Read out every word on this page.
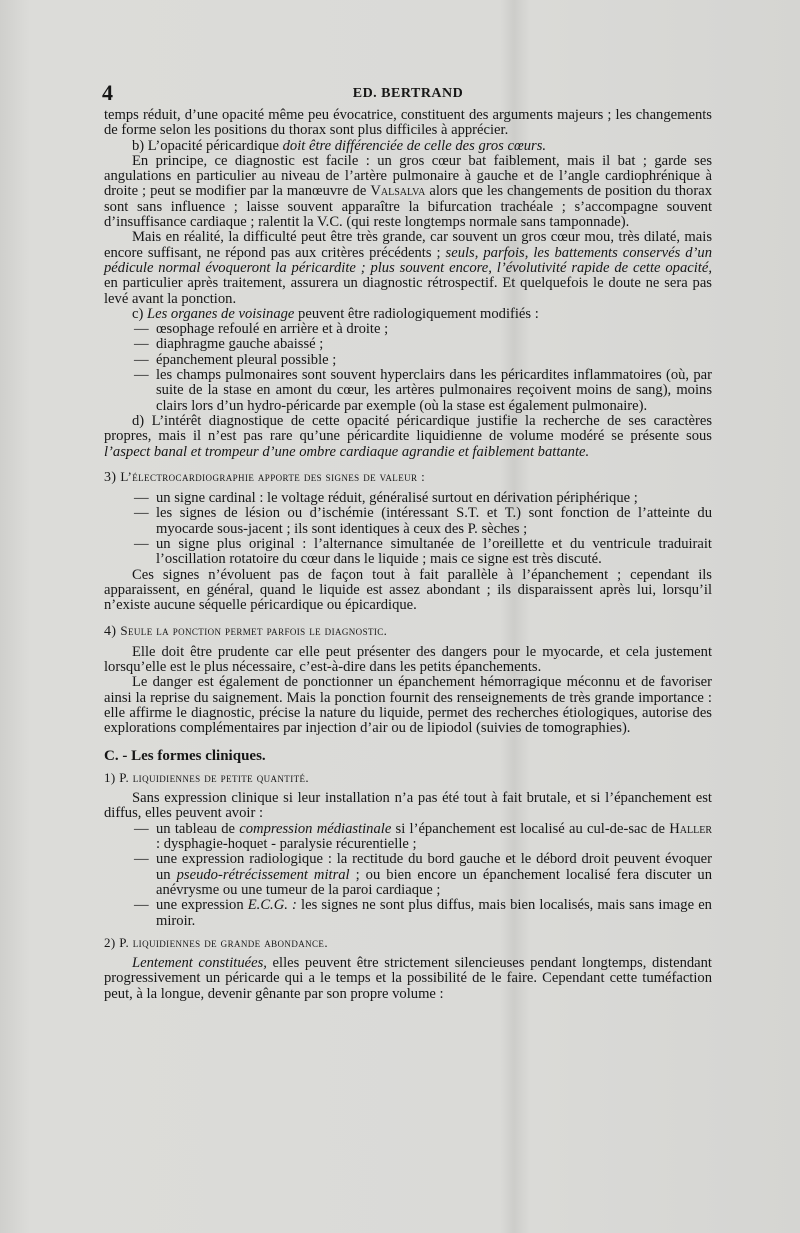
4	ED. BERTRAND

temps réduit, d’une opacité même peu évocatrice, constituent des arguments majeurs ; les changements de forme selon les positions du thorax sont plus difficiles à apprécier.

b) L’opacité péricardique doit être différenciée de celle des gros cœurs.

En principe, ce diagnostic est facile : un gros cœur bat faiblement, mais il bat ; garde ses angulations en particulier au niveau de l’artère pulmonaire à gauche et de l’angle cardiophrénique à droite ; peut se modifier par la manœuvre de Valsalva alors que les changements de position du thorax sont sans influence ; laisse souvent apparaître la bifurcation trachéale ; s’accompagne souvent d’insuffisance cardiaque ; ralentit la V.C. (qui reste longtemps normale sans tamponnade).

Mais en réalité, la difficulté peut être très grande, car souvent un gros cœur mou, très dilaté, mais encore suffisant, ne répond pas aux critères précédents ; seuls, parfois, les battements conservés d’un pédicule normal évoqueront la péricardite ; plus souvent encore, l’évolutivité rapide de cette opacité, en particulier après traitement, assurera un diagnostic rétrospectif. Et quelquefois le doute ne sera pas levé avant la ponction.

c) Les organes de voisinage peuvent être radiologiquement modifiés :

— œsophage refoulé en arrière et à droite ;

— diaphragme gauche abaissé ;

— épanchement pleural possible ;

— les champs pulmonaires sont souvent hyperclairs dans les péricardites inflammatoires (où, par suite de la stase en amont du cœur, les artères pulmonaires reçoivent moins de sang), moins clairs lors d’un hydro-péricarde par exemple (où la stase est également pulmonaire).

d) L’intérêt diagnostique de cette opacité péricardique justifie la recherche de ses caractères propres, mais il n’est pas rare qu’une péricardite liquidienne de volume modéré se présente sous l’aspect banal et trompeur d’une ombre cardiaque agrandie et faiblement battante.

3) L’électrocardiographie apporte des signes de valeur :

— un signe cardinal : le voltage réduit, généralisé surtout en dérivation périphérique ;

— les signes de lésion ou d’ischémie (intéressant S.T. et T.) sont fonction de l’atteinte du myocarde sous-jacent ; ils sont identiques à ceux des P. sèches ;

— un signe plus original : l’alternance simultanée de l’oreillette et du ventricule traduirait l’oscillation rotatoire du cœur dans le liquide ; mais ce signe est très discuté.

Ces signes n’évoluent pas de façon tout à fait parallèle à l’épanchement ; cependant ils apparaissent, en général, quand le liquide est assez abondant ; ils disparaissent après lui, lorsqu’il n’existe aucune séquelle péricardique ou épicardique.

4) Seule la ponction permet parfois le diagnostic.

Elle doit être prudente car elle peut présenter des dangers pour le myocarde, et cela justement lorsqu’elle est le plus nécessaire, c’est-à-dire dans les petits épanchements.

Le danger est également de ponctionner un épanchement hémorragique méconnu et de favoriser ainsi la reprise du saignement. Mais la ponction fournit des renseignements de très grande importance : elle affirme le diagnostic, précise la nature du liquide, permet des recherches étiologiques, autorise des explorations complémentaires par injection d’air ou de lipiodol (suivies de tomographies).

C. - Les formes cliniques.

1) P. liquidiennes de petite quantité.

Sans expression clinique si leur installation n’a pas été tout à fait brutale, et si l’épanchement est diffus, elles peuvent avoir :

— un tableau de compression médiastinale si l’épanchement est localisé au cul-de-sac de Haller : dysphagie-hoquet - paralysie récurentielle ;

— une expression radiologique : la rectitude du bord gauche et le débord droit peuvent évoquer un pseudo-rétrécissement mitral ; ou bien encore un épanchement localisé fera discuter un anévrysme ou une tumeur de la paroi cardiaque ;

— une expression E.C.G. : les signes ne sont plus diffus, mais bien localisés, mais sans image en miroir.

2) P. liquidiennes de grande abondance.

Lentement constituées, elles peuvent être strictement silencieuses pendant longtemps, distendant progressivement un péricarde qui a le temps et la possibilité de le faire. Cependant cette tuméfaction peut, à la longue, devenir gênante par son propre volume :
